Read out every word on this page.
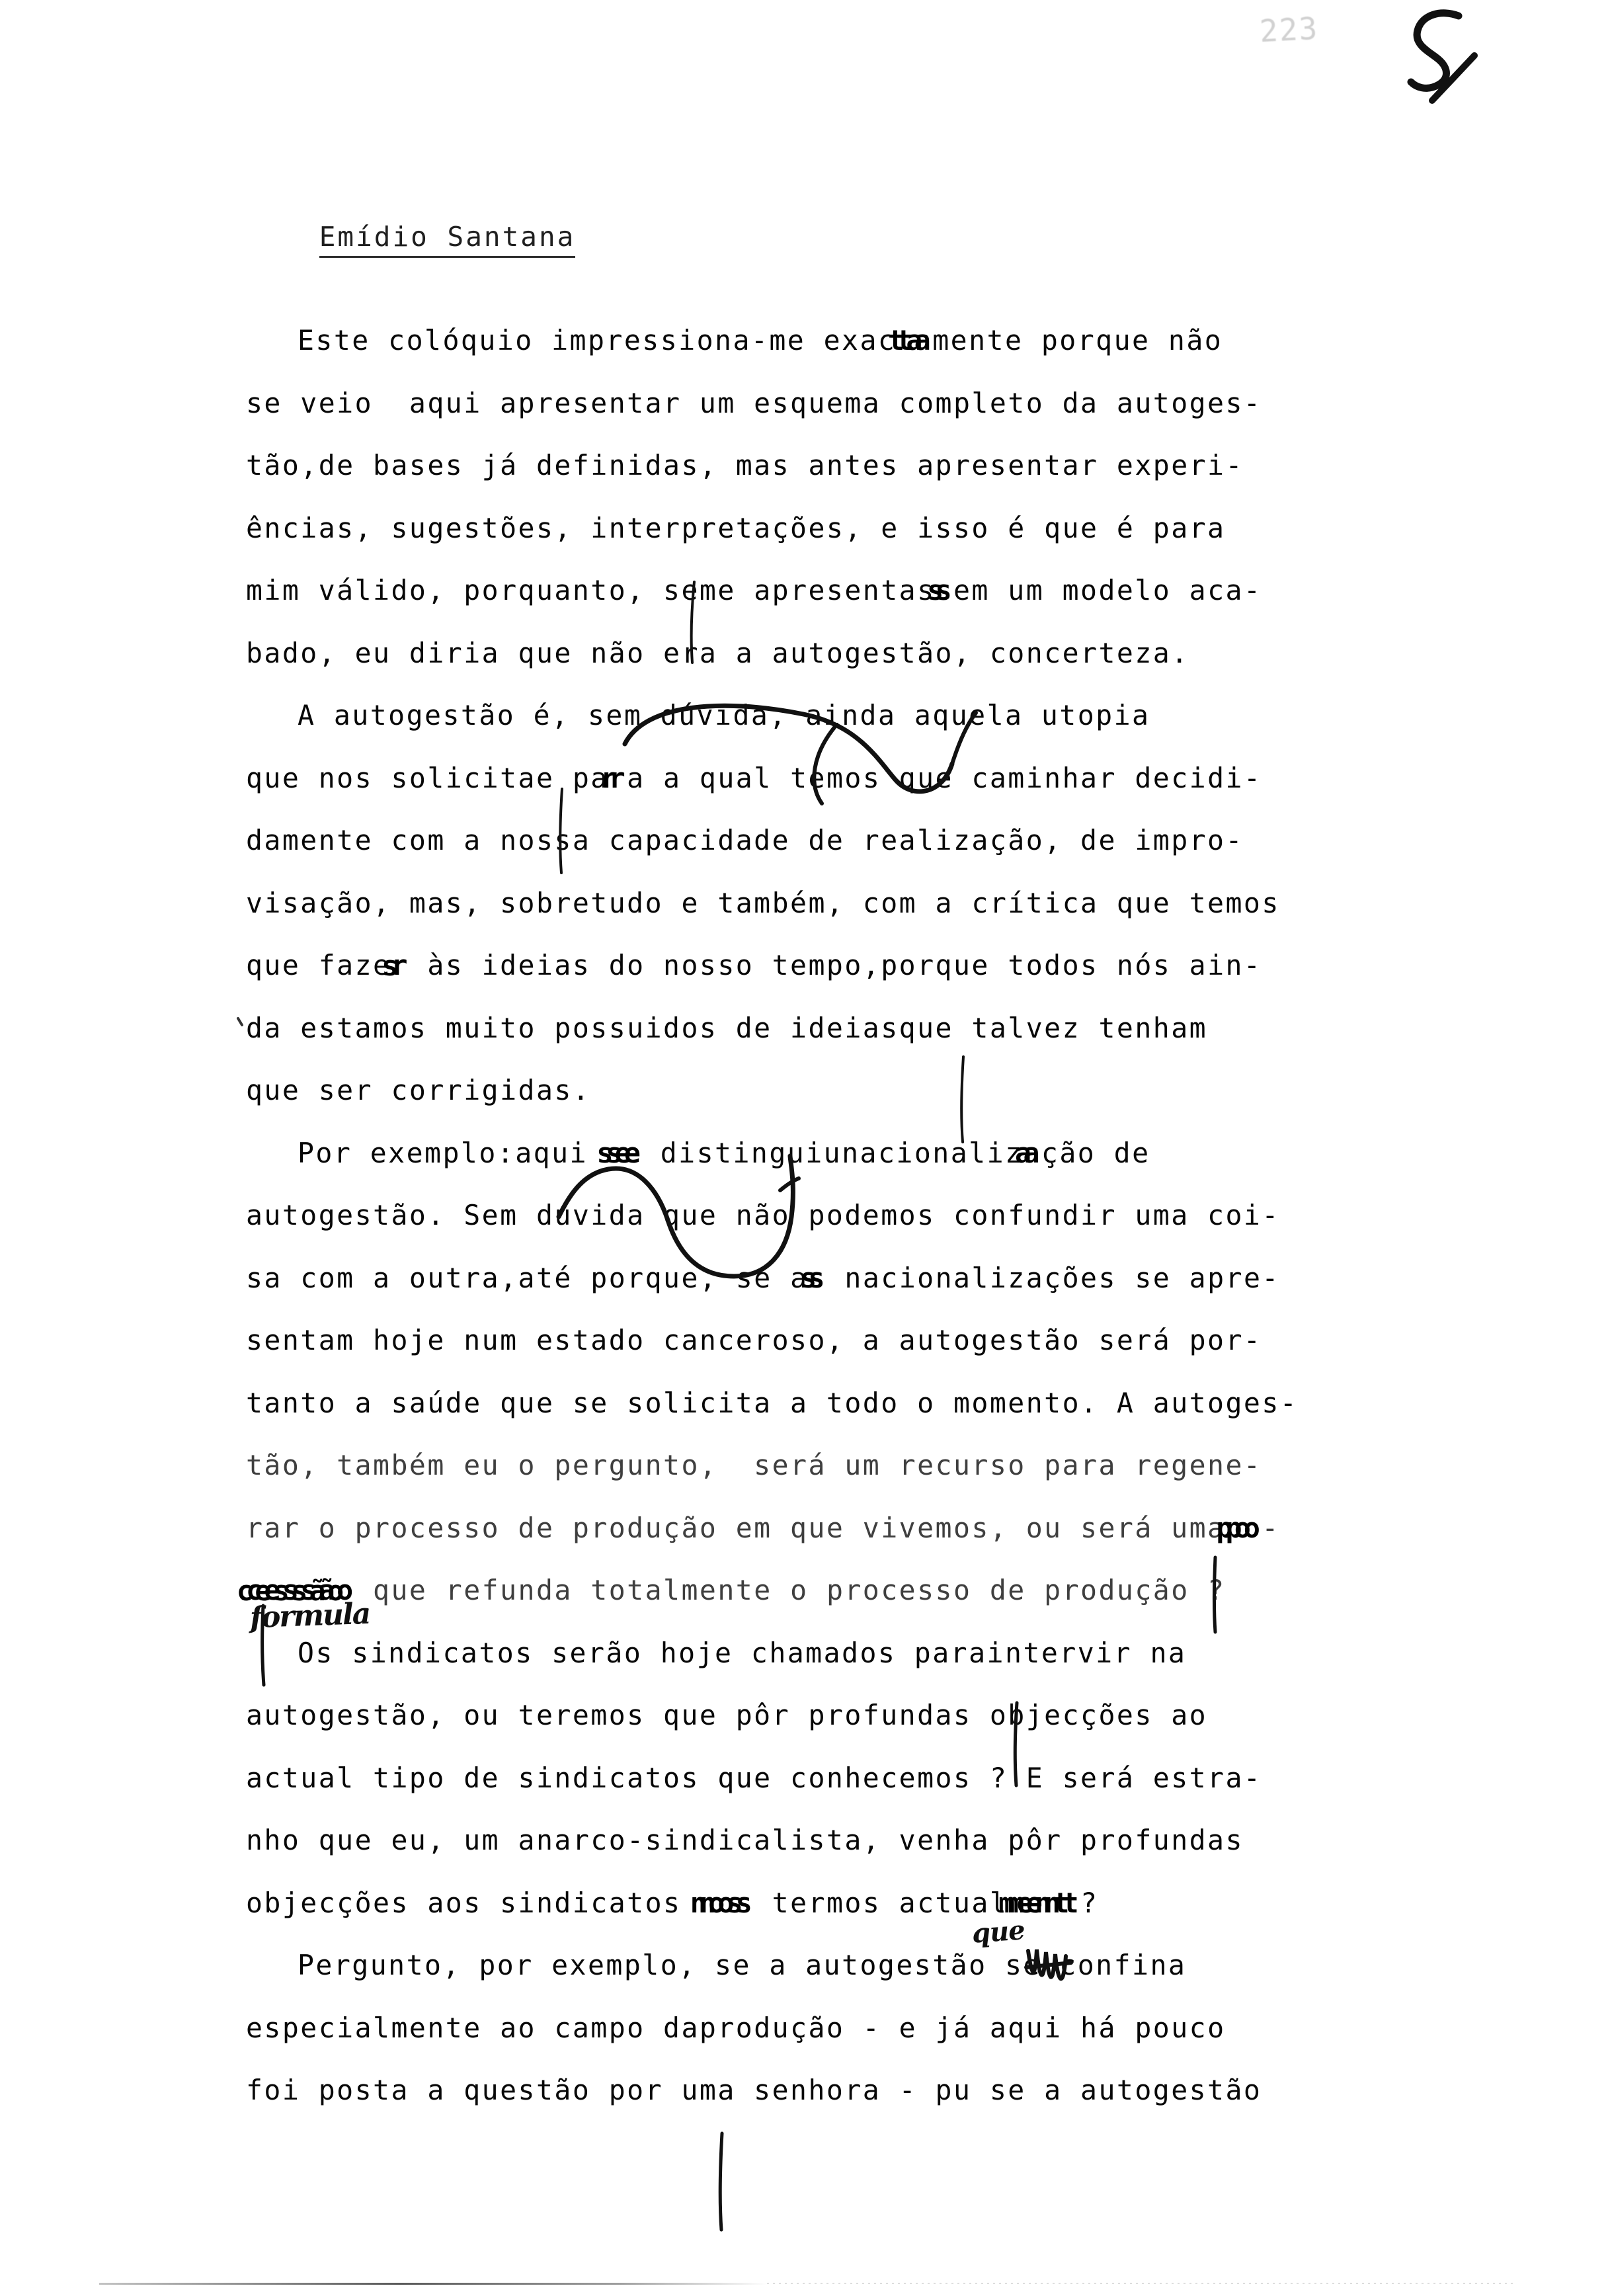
223

Emídio Santana

Este colóquio impressiona-me exacta tamente porque não
se veio  aqui apresentar um esquema completo da autoges-
tão,de bases já definidas, mas antes apresentar experi-
ências, sugestões, interpretações, e isso é que é para
mim válido, porquanto, seme apresentass sem um modelo aca-
bado, eu diria que não era a autogestão, concerteza.
A autogestão é, sem dúvida, ainda aquela utopia
que nos solicitae par ra a qual temos que caminhar decidi-
damente com a nossa capacidade de realização, de impro-
visação, mas, sobretudo e também, com a crítica que temos
que fazer s às ideias do nosso tempo,porque todos nós ain-
da estamos muito possuidos de ideiasque talvez tenham
que ser corrigidas.
Por exemplo:aqui se se distinguiunacionaliza ação de
autogestão. Sem dúvida que não podemos confundir uma coi-
sa com a outra,até porque, se as s nacionalizações se apre-
sentam hoje num estado canceroso, a autogestão será por-
tanto a saúde que se solicita a todo o momento. A autoges-
tão, também eu o pergunto,  será um recurso para regene-
rar o processo de produção em que vivemos, ou será umapo po-
cessão cessão que refunda totalmente o processo de produção ?
Os sindicatos serão hoje chamados paraintervir na
autogestão, ou teremos que pôr profundas objecções ao
actual tipo de sindicatos que conhecemos ? E será estra-
nho que eu, um anarco-sindicalista, venha pôr profundas
objecções aos sindicatos nos nos termos actualment ment?
Pergunto, por exemplo, se a autogestão se confina
especialmente ao campo daprodução - e já aqui há pouco
foi posta a questão por uma senhora - pu se a autogestão
formula
que
